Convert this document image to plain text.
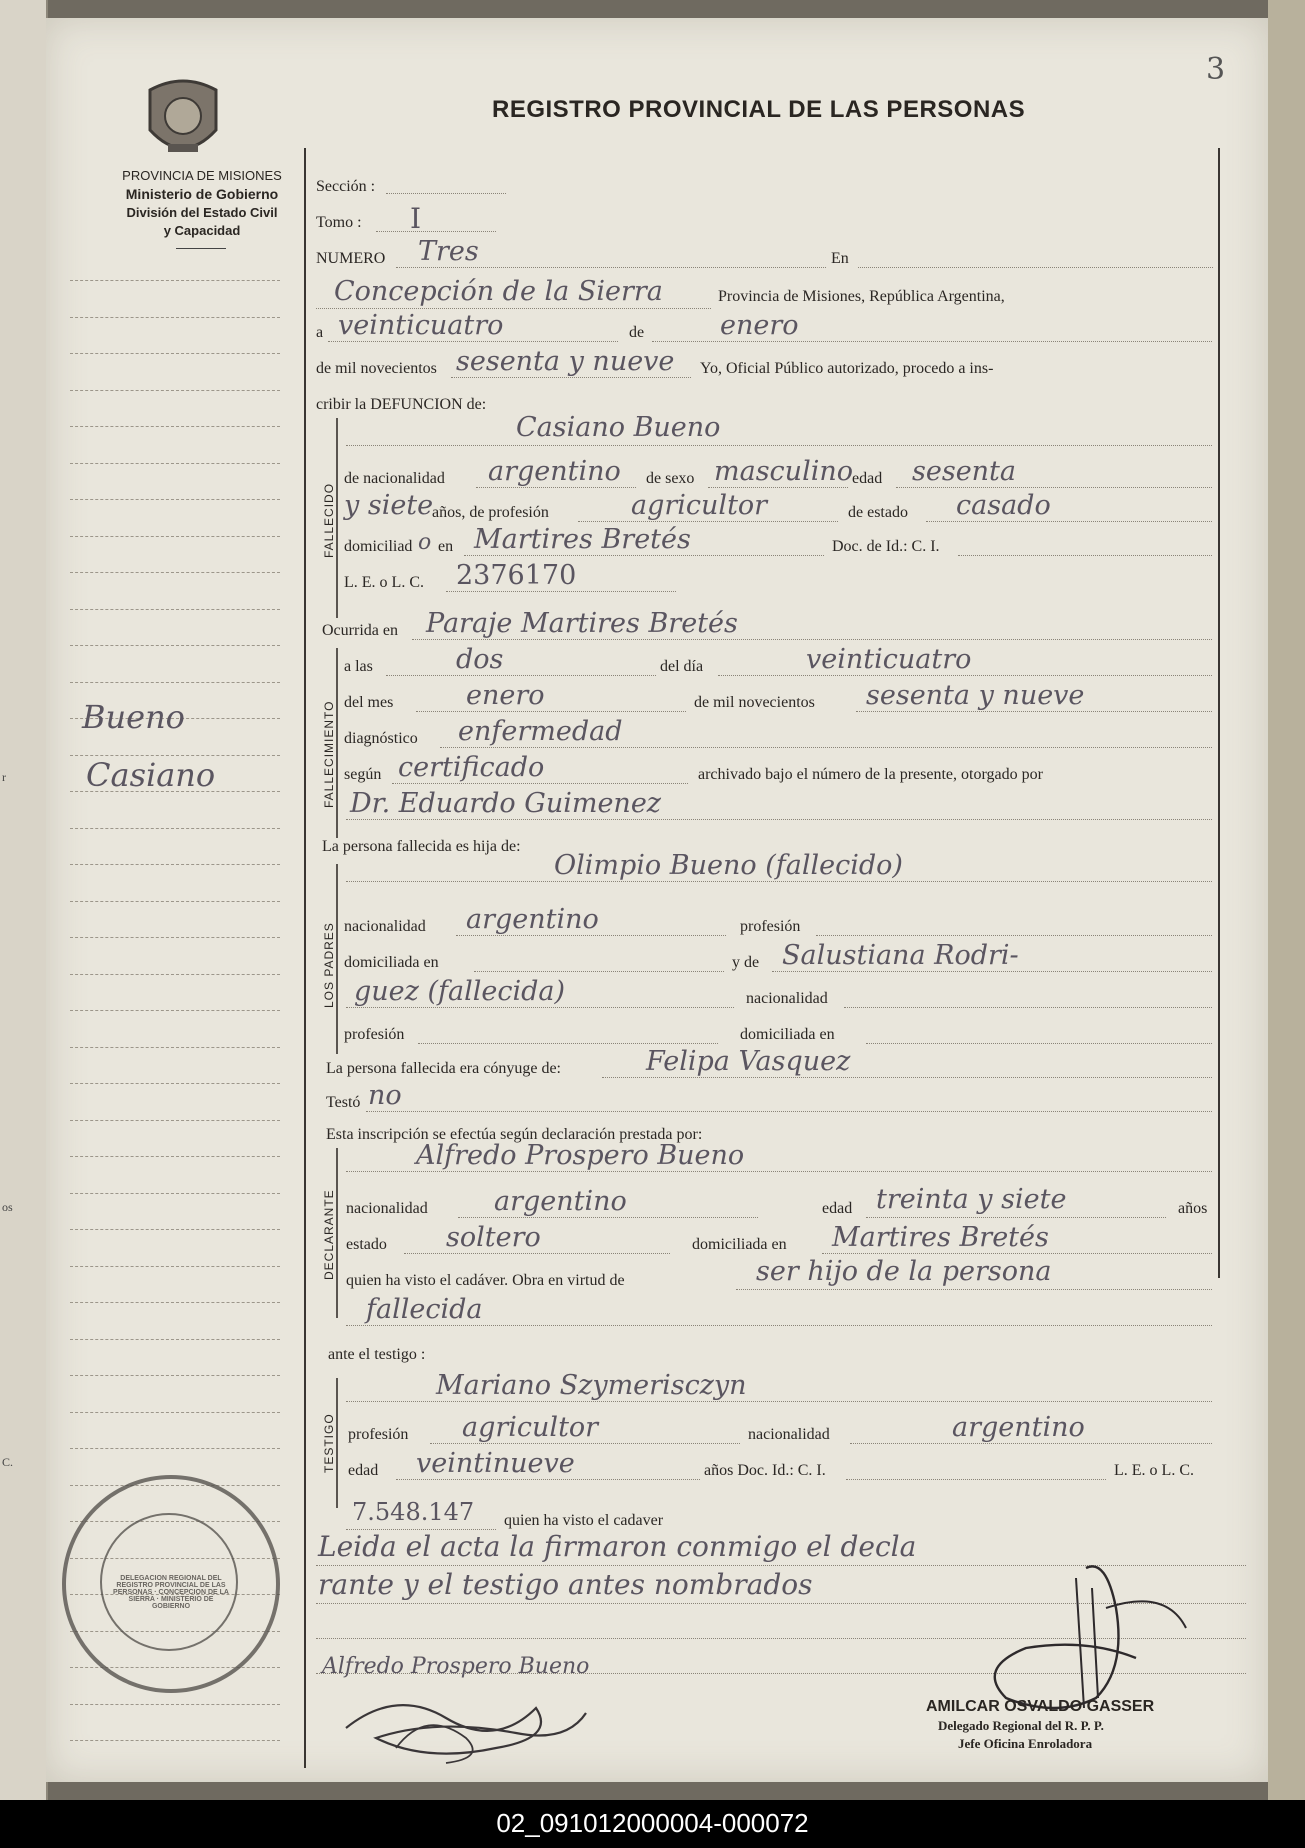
r
os
C.
3
REGISTRO PROVINCIAL DE LAS PERSONAS
PROVINCIA DE MISIONES
Ministerio de Gobierno
División del Estado Civil
y Capacidad
Bueno
Casiano
Sección :
Tomo : I
NUMERO Tres	En
Concepción de la Sierra	Provincia de Misiones, República Argentina,
a veinticuatro	de	enero
de mil novecientos sesenta y nueve Yo, Oficial Público autorizado, procedo a ins-
cribir la DEFUNCION de:
FALLECIDO
Casiano Bueno
de nacionalidad argentino de sexo masculino edad sesenta
y siete
años, de profesión	agricultor	de estado casado
domiciliad o en Martires Bretés	Doc. de Id.: C. I.
L. E. o L. C. 2376170
Ocurrida en Paraje Martires Bretés
FALLECIMIENTO
a las	dos	del día	veinticuatro
del mes	enero	de mil novecientos sesenta y nueve
diagnóstico enfermedad
según certificado	archivado bajo el número de la presente, otorgado por
Dr. Eduardo Guimenez
La persona fallecida es hija de:
LOS PADRES
Olimpio Bueno (fallecido)
nacionalidad argentino	profesión
domiciliada en	y de Salustiana Rodri-
guez (fallecida)	nacionalidad
profesión	domiciliada en
La persona fallecida era cónyuge de:	Felipa Vasquez
Testó no
Esta inscripción se efectúa según declaración prestada por:
DECLARANTE
Alfredo Prospero Bueno
nacionalidad argentino	edad treinta y siete	años
estado soltero	domiciliada en Martires Bretés
quien ha visto el cadáver. Obra en virtud de	ser hijo de la persona
fallecida
ante el testigo :
TESTIGO
Mariano Szymerisczyn
profesión agricultor	nacionalidad	argentino
edad veintinueve	años Doc. Id.: C. I.	L. E. o L. C.
7.548.147 quien ha visto el cadaver
Leida el acta la firmaron conmigo el decla
rante y el testigo antes nombrados
Alfredo Prospero Bueno
AMILCAR OSVALDO GASSER
Delegado Regional del R. P. P.
Jefe Oficina Enroladora
DELEGACION REGIONAL DEL REGISTRO PROVINCIAL DE LAS PERSONAS · CONCEPCION DE LA SIERRA · MINISTERIO DE GOBIERNO
02_091012000004-000072
